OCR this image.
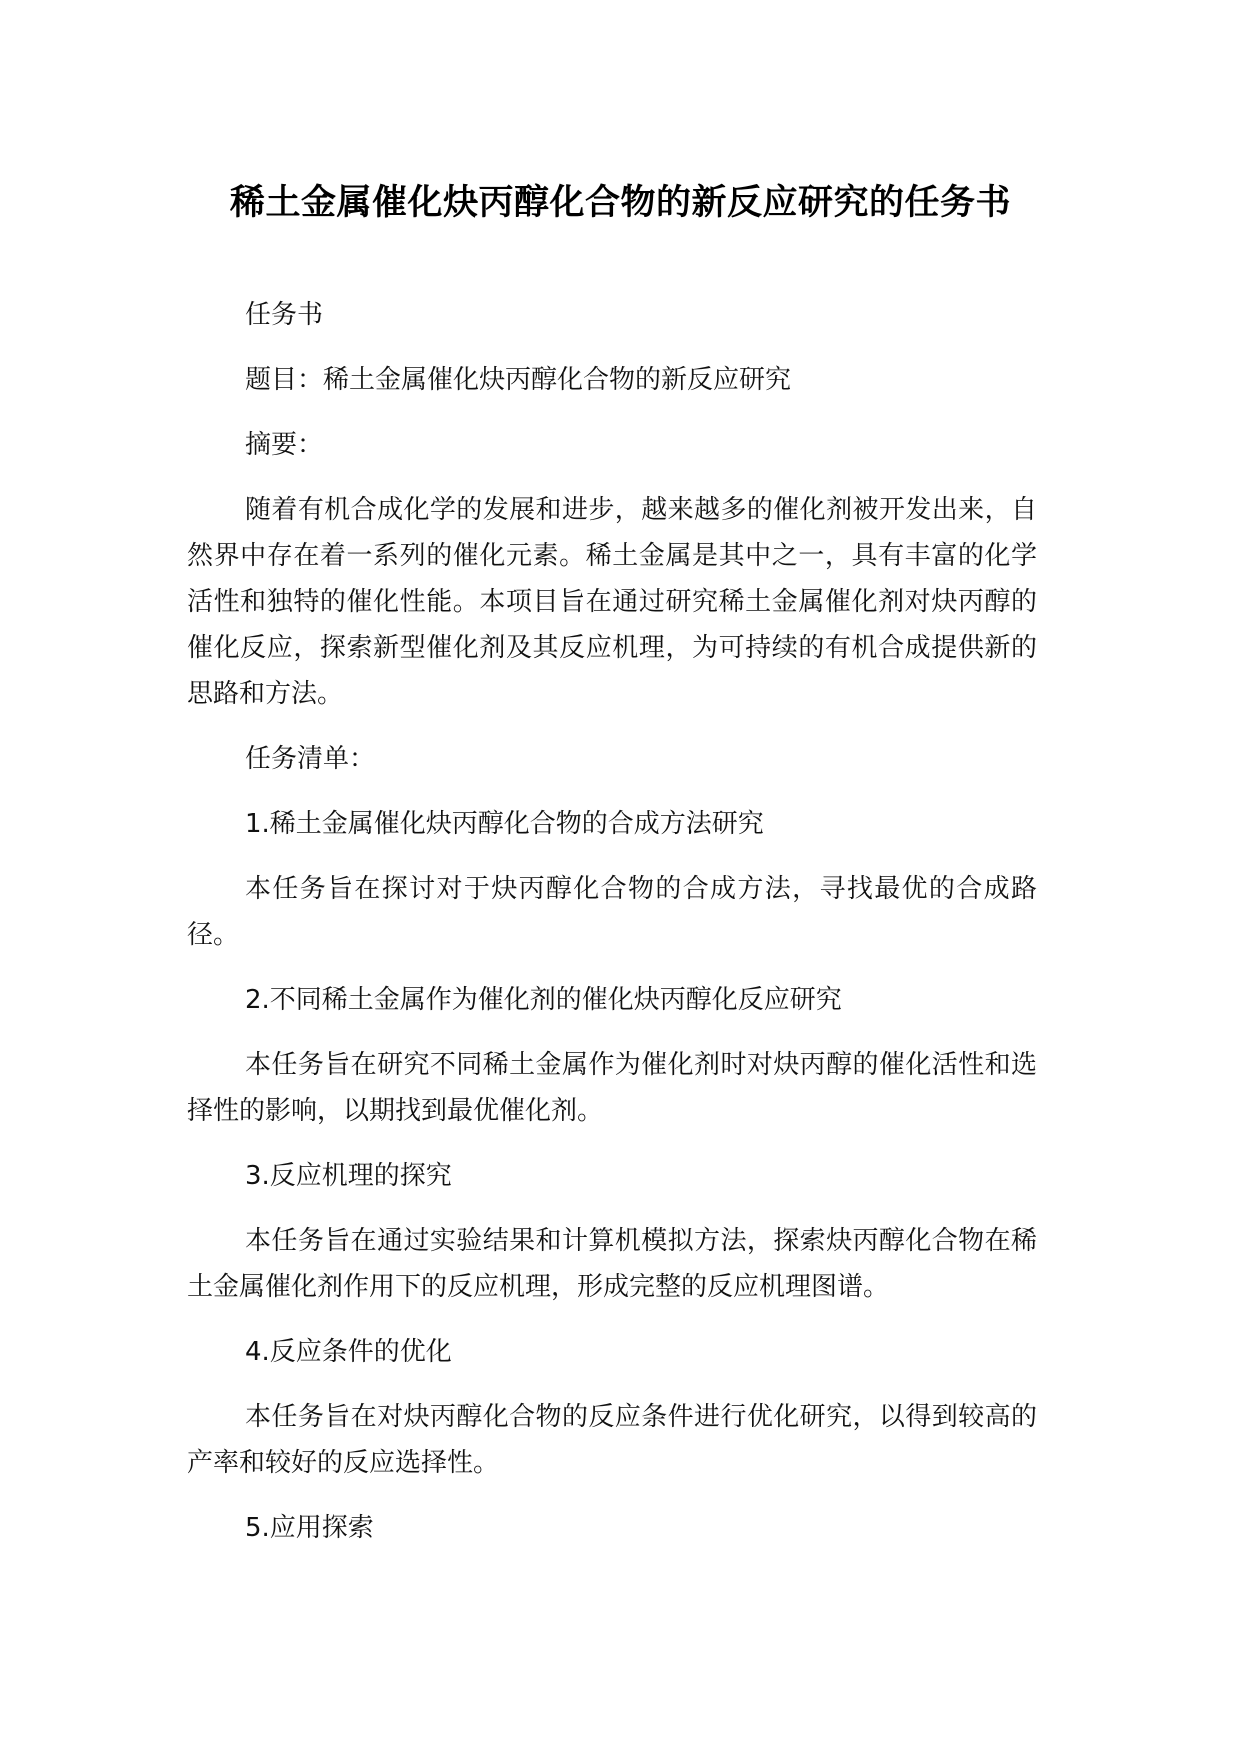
稀土金属催化炔丙醇化合物的新反应研究的任务书

任务书

题目：稀土金属催化炔丙醇化合物的新反应研究

摘要：

随着有机合成化学的发展和进步，越来越多的催化剂被开发出来，自然界中存在着一系列的催化元素。稀土金属是其中之一，具有丰富的化学活性和独特的催化性能。本项目旨在通过研究稀土金属催化剂对炔丙醇的催化反应，探索新型催化剂及其反应机理，为可持续的有机合成提供新的思路和方法。

任务清单：

1.稀土金属催化炔丙醇化合物的合成方法研究

本任务旨在探讨对于炔丙醇化合物的合成方法，寻找最优的合成路径。

2.不同稀土金属作为催化剂的催化炔丙醇化反应研究

本任务旨在研究不同稀土金属作为催化剂时对炔丙醇的催化活性和选择性的影响，以期找到最优催化剂。

3.反应机理的探究

本任务旨在通过实验结果和计算机模拟方法，探索炔丙醇化合物在稀土金属催化剂作用下的反应机理，形成完整的反应机理图谱。

4.反应条件的优化

本任务旨在对炔丙醇化合物的反应条件进行优化研究，以得到较高的产率和较好的反应选择性。

5.应用探索
